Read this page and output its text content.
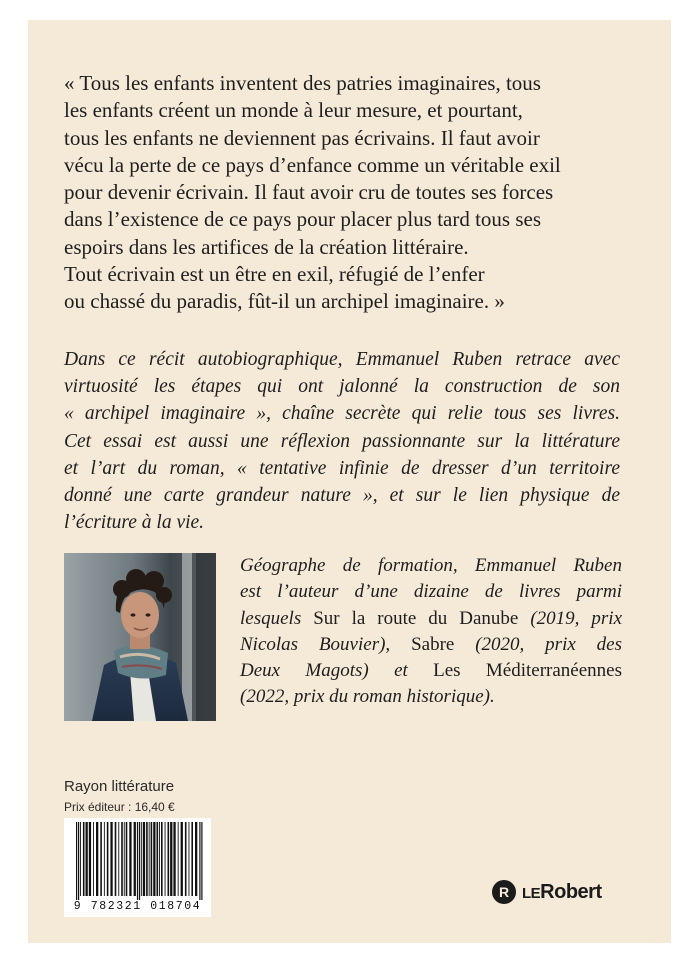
« Tous les enfants inventent des patries imaginaires, tous
les enfants créent un monde à leur mesure, et pourtant,
tous les enfants ne deviennent pas écrivains. Il faut avoir
vécu la perte de ce pays d’enfance comme un véritable exil
pour devenir écrivain. Il faut avoir cru de toutes ses forces
dans l’existence de ce pays pour placer plus tard tous ses
espoirs dans les artifices de la création littéraire.
Tout écrivain est un être en exil, réfugié de l’enfer
ou chassé du paradis, fût-il un archipel imaginaire. »
Dans ce récit autobiographique, Emmanuel Ruben retrace avec
virtuosité les étapes qui ont jalonné la construction de son
« archipel imaginaire », chaîne secrète qui relie tous ses livres.
Cet essai est aussi une réflexion passionnante sur la littérature
et l’art du roman, « tentative infinie de dresser d’un territoire
donné une carte grandeur nature », et sur le lien physique de
l’écriture à la vie.
Géographe de formation, Emmanuel Ruben
est l’auteur d’une dizaine de livres parmi
lesquels Sur la route du Danube (2019, prix
Nicolas Bouvier), Sabre (2020, prix des
Deux Magots) et Les Méditerranéennes
(2022, prix du roman historique).
Rayon littérature
Prix éditeur : 16,40 €
9 782321 018704
R LERobert
